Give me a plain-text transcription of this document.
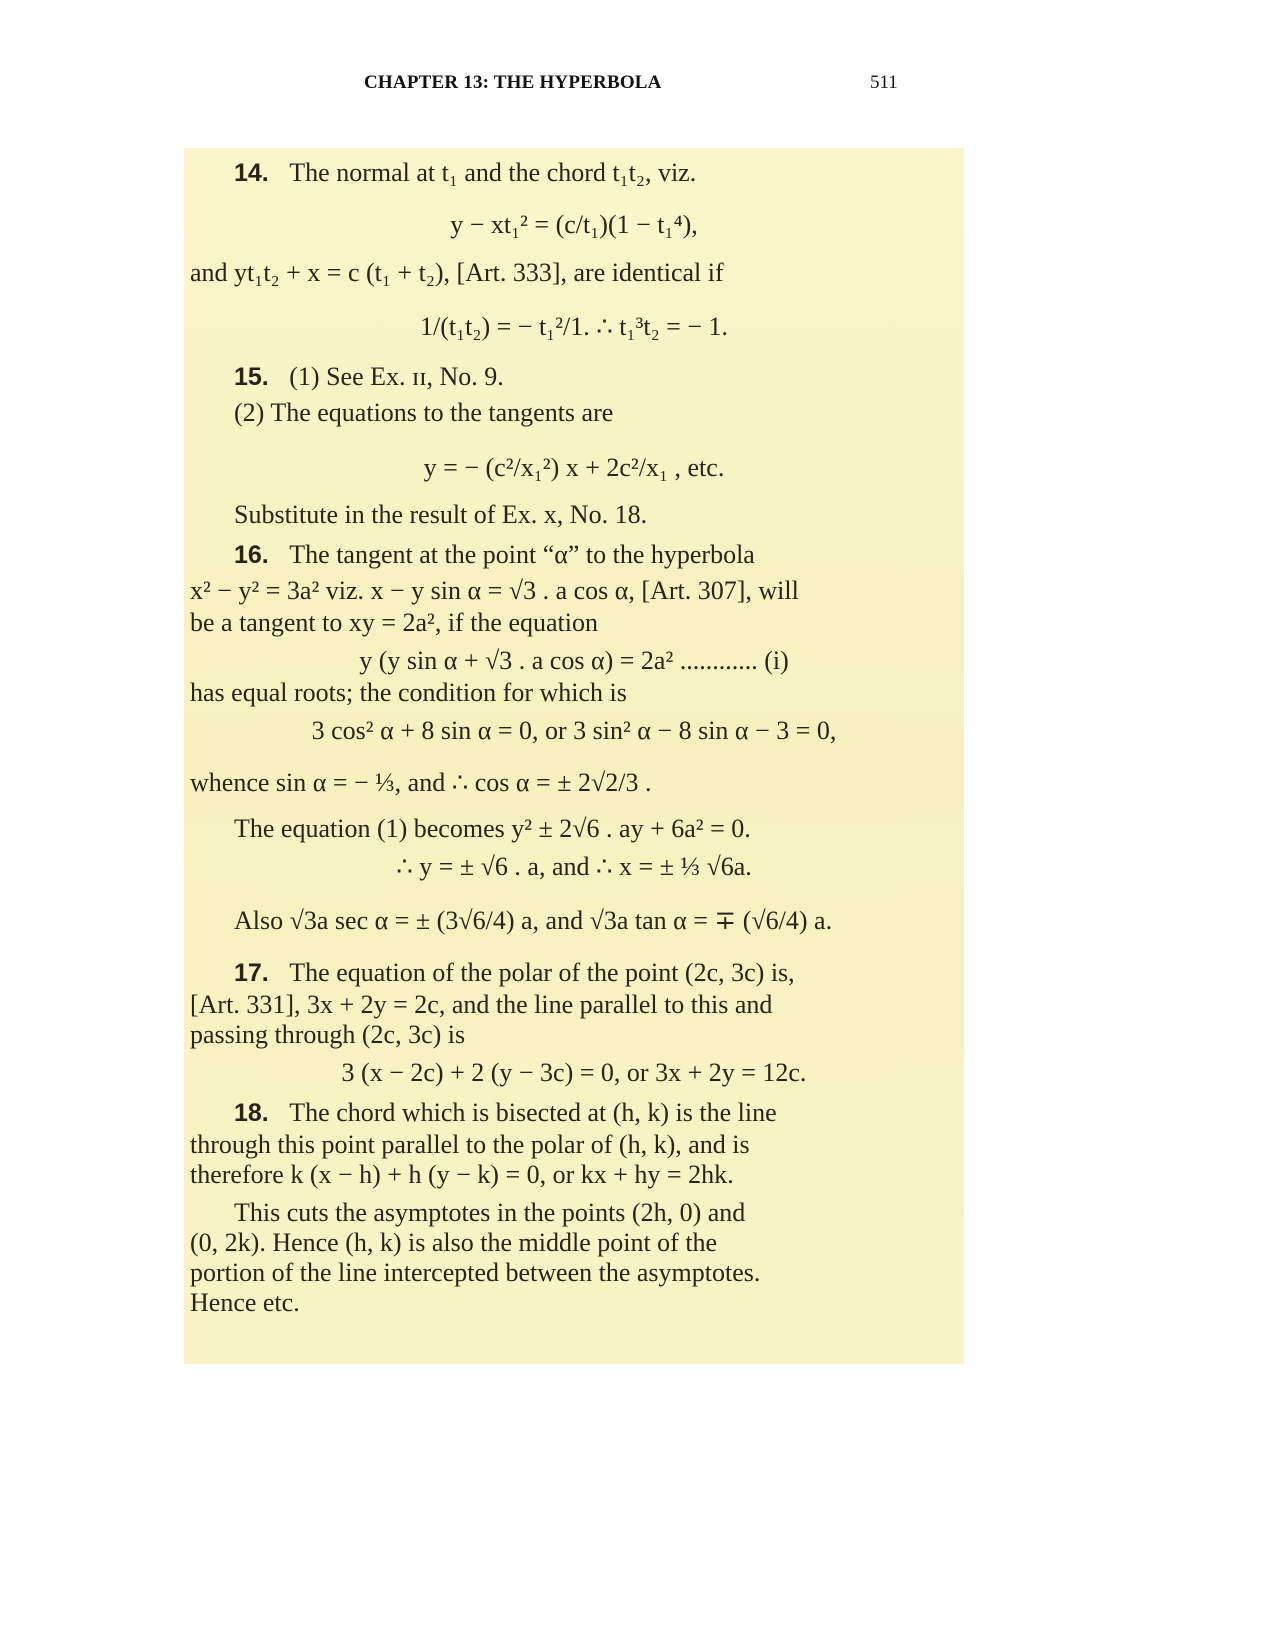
CHAPTER 13: THE HYPERBOLA	511
14. The normal at t₁ and the chord t₁t₂, viz.
y − xt₁² = (c/t₁)(1 − t₁⁴),
and yt₁t₂ + x = c (t₁ + t₂), [Art. 333], are identical if
1/(t₁t₂) = − t₁²/1. ∴ t₁³t₂ = − 1.
15. (1) See Ex. ɪɪ, No. 9.
(2) The equations to the tangents are
y = − (c²/x₁²) x + 2c²/x₁ , etc.
Substitute in the result of Ex. x, No. 18.
16. The tangent at the point “α” to the hyperbola
x² − y² = 3a² viz. x − y sin α = √3 . a cos α, [Art. 307], will
be a tangent to xy = 2a², if the equation
y (y sin α + √3 . a cos α) = 2a² ............ (i)
has equal roots; the condition for which is
3 cos² α + 8 sin α = 0, or 3 sin² α − 8 sin α − 3 = 0,
whence sin α = − ⅓, and ∴ cos α = ± 2√2/3 .
The equation (1) becomes y² ± 2√6 . ay + 6a² = 0.
∴ y = ± √6 . a, and ∴ x = ± ⅓ √6a.
Also √3a sec α = ± (3√6/4) a, and √3a tan α = ∓ (√6/4) a.
17. The equation of the polar of the point (2c, 3c) is,
[Art. 331], 3x + 2y = 2c, and the line parallel to this and
passing through (2c, 3c) is
3 (x − 2c) + 2 (y − 3c) = 0, or 3x + 2y = 12c.
18. The chord which is bisected at (h, k) is the line
through this point parallel to the polar of (h, k), and is
therefore k (x − h) + h (y − k) = 0, or kx + hy = 2hk.
This cuts the asymptotes in the points (2h, 0) and
(0, 2k). Hence (h, k) is also the middle point of the
portion of the line intercepted between the asymptotes.
Hence etc.
